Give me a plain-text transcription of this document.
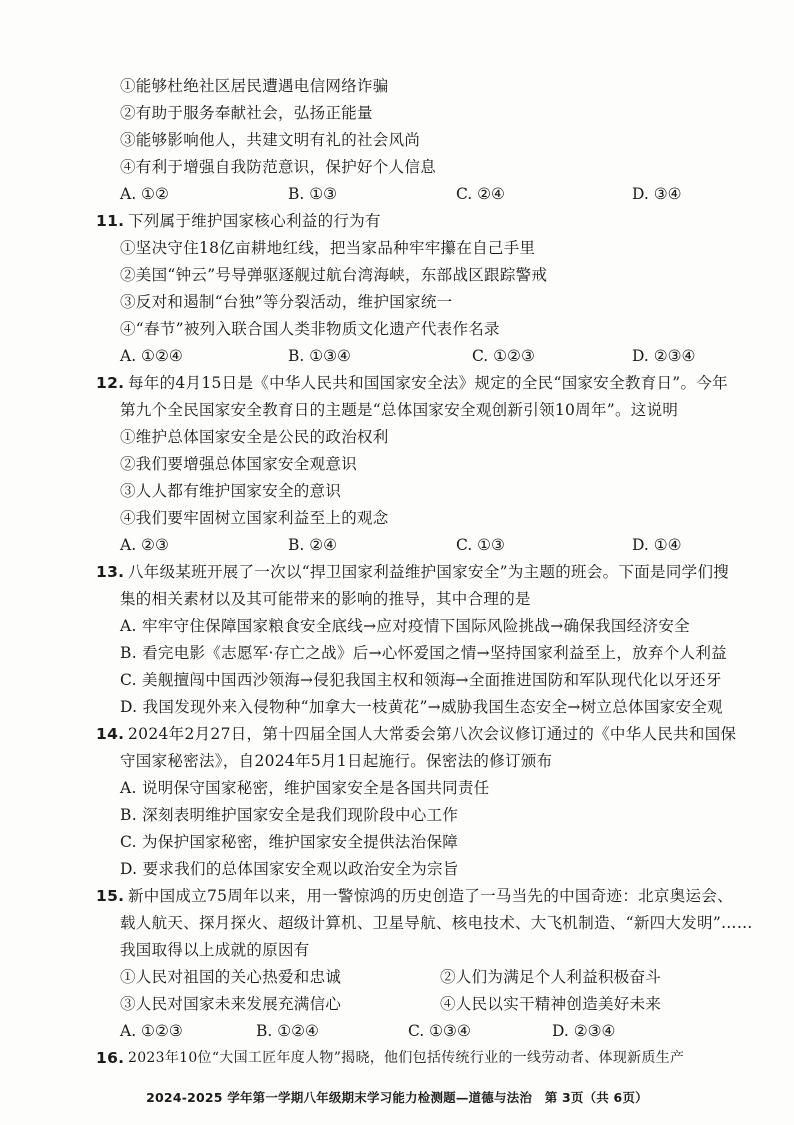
①能够杜绝社区居民遭遇电信网络诈骗
②有助于服务奉献社会，弘扬正能量
③能够影响他人，共建文明有礼的社会风尚
④有利于增强自我防范意识，保护好个人信息
A. ①②	B. ①③	C. ②④	D. ③④
11. 下列属于维护国家核心利益的行为有
①坚决守住18亿亩耕地红线，把当家品种牢牢攥在自己手里
②美国“钟云”号导弹驱逐舰过航台湾海峡，东部战区跟踪警戒
③反对和遏制“台独”等分裂活动，维护国家统一
④“春节”被列入联合国人类非物质文化遗产代表作名录
A. ①②④	B. ①③④	C. ①②③	D. ②③④
12. 每年的4月15日是《中华人民共和国国家安全法》规定的全民“国家安全教育日”。今年
第九个全民国家安全教育日的主题是“总体国家安全观创新引领10周年”。这说明
①维护总体国家安全是公民的政治权利
②我们要增强总体国家安全观意识
③人人都有维护国家安全的意识
④我们要牢固树立国家利益至上的观念
A. ②③	B. ②④	C. ①③	D. ①④
13. 八年级某班开展了一次以“捍卫国家利益维护国家安全”为主题的班会。下面是同学们搜
集的相关素材以及其可能带来的影响的推导，其中合理的是
A. 牢牢守住保障国家粮食安全底线→应对疫情下国际风险挑战→确保我国经济安全
B. 看完电影《志愿军·存亡之战》后→心怀爱国之情→坚持国家利益至上，放弃个人利益
C. 美舰擅闯中国西沙领海→侵犯我国主权和领海→全面推进国防和军队现代化以牙还牙
D. 我国发现外来入侵物种“加拿大一枝黄花”→威胁我国生态安全→树立总体国家安全观
14. 2024年2月27日，第十四届全国人大常委会第八次会议修订通过的《中华人民共和国保
守国家秘密法》，自2024年5月1日起施行。保密法的修订颁布
A. 说明保守国家秘密，维护国家安全是各国共同责任
B. 深刻表明维护国家安全是我们现阶段中心工作
C. 为保护国家秘密，维护国家安全提供法治保障
D. 要求我们的总体国家安全观以政治安全为宗旨
15. 新中国成立75周年以来，用一警惊鸿的历史创造了一马当先的中国奇迹：北京奥运会、
载人航天、探月探火、超级计算机、卫星导航、核电技术、大飞机制造、“新四大发明”……
我国取得以上成就的原因有
①人民对祖国的关心热爱和忠诚	②人们为满足个人利益积极奋斗
③人民对国家未来发展充满信心	④人民以实干精神创造美好未来
A. ①②③	B. ①②④	C. ①③④	D. ②③④
16. 2023年10位“大国工匠年度人物”揭晓，他们包括传统行业的一线劳动者、体现新质生产
2024-2025 学年第一学期八年级期末学习能力检测题—道德与法治　第 3页（共 6页）
